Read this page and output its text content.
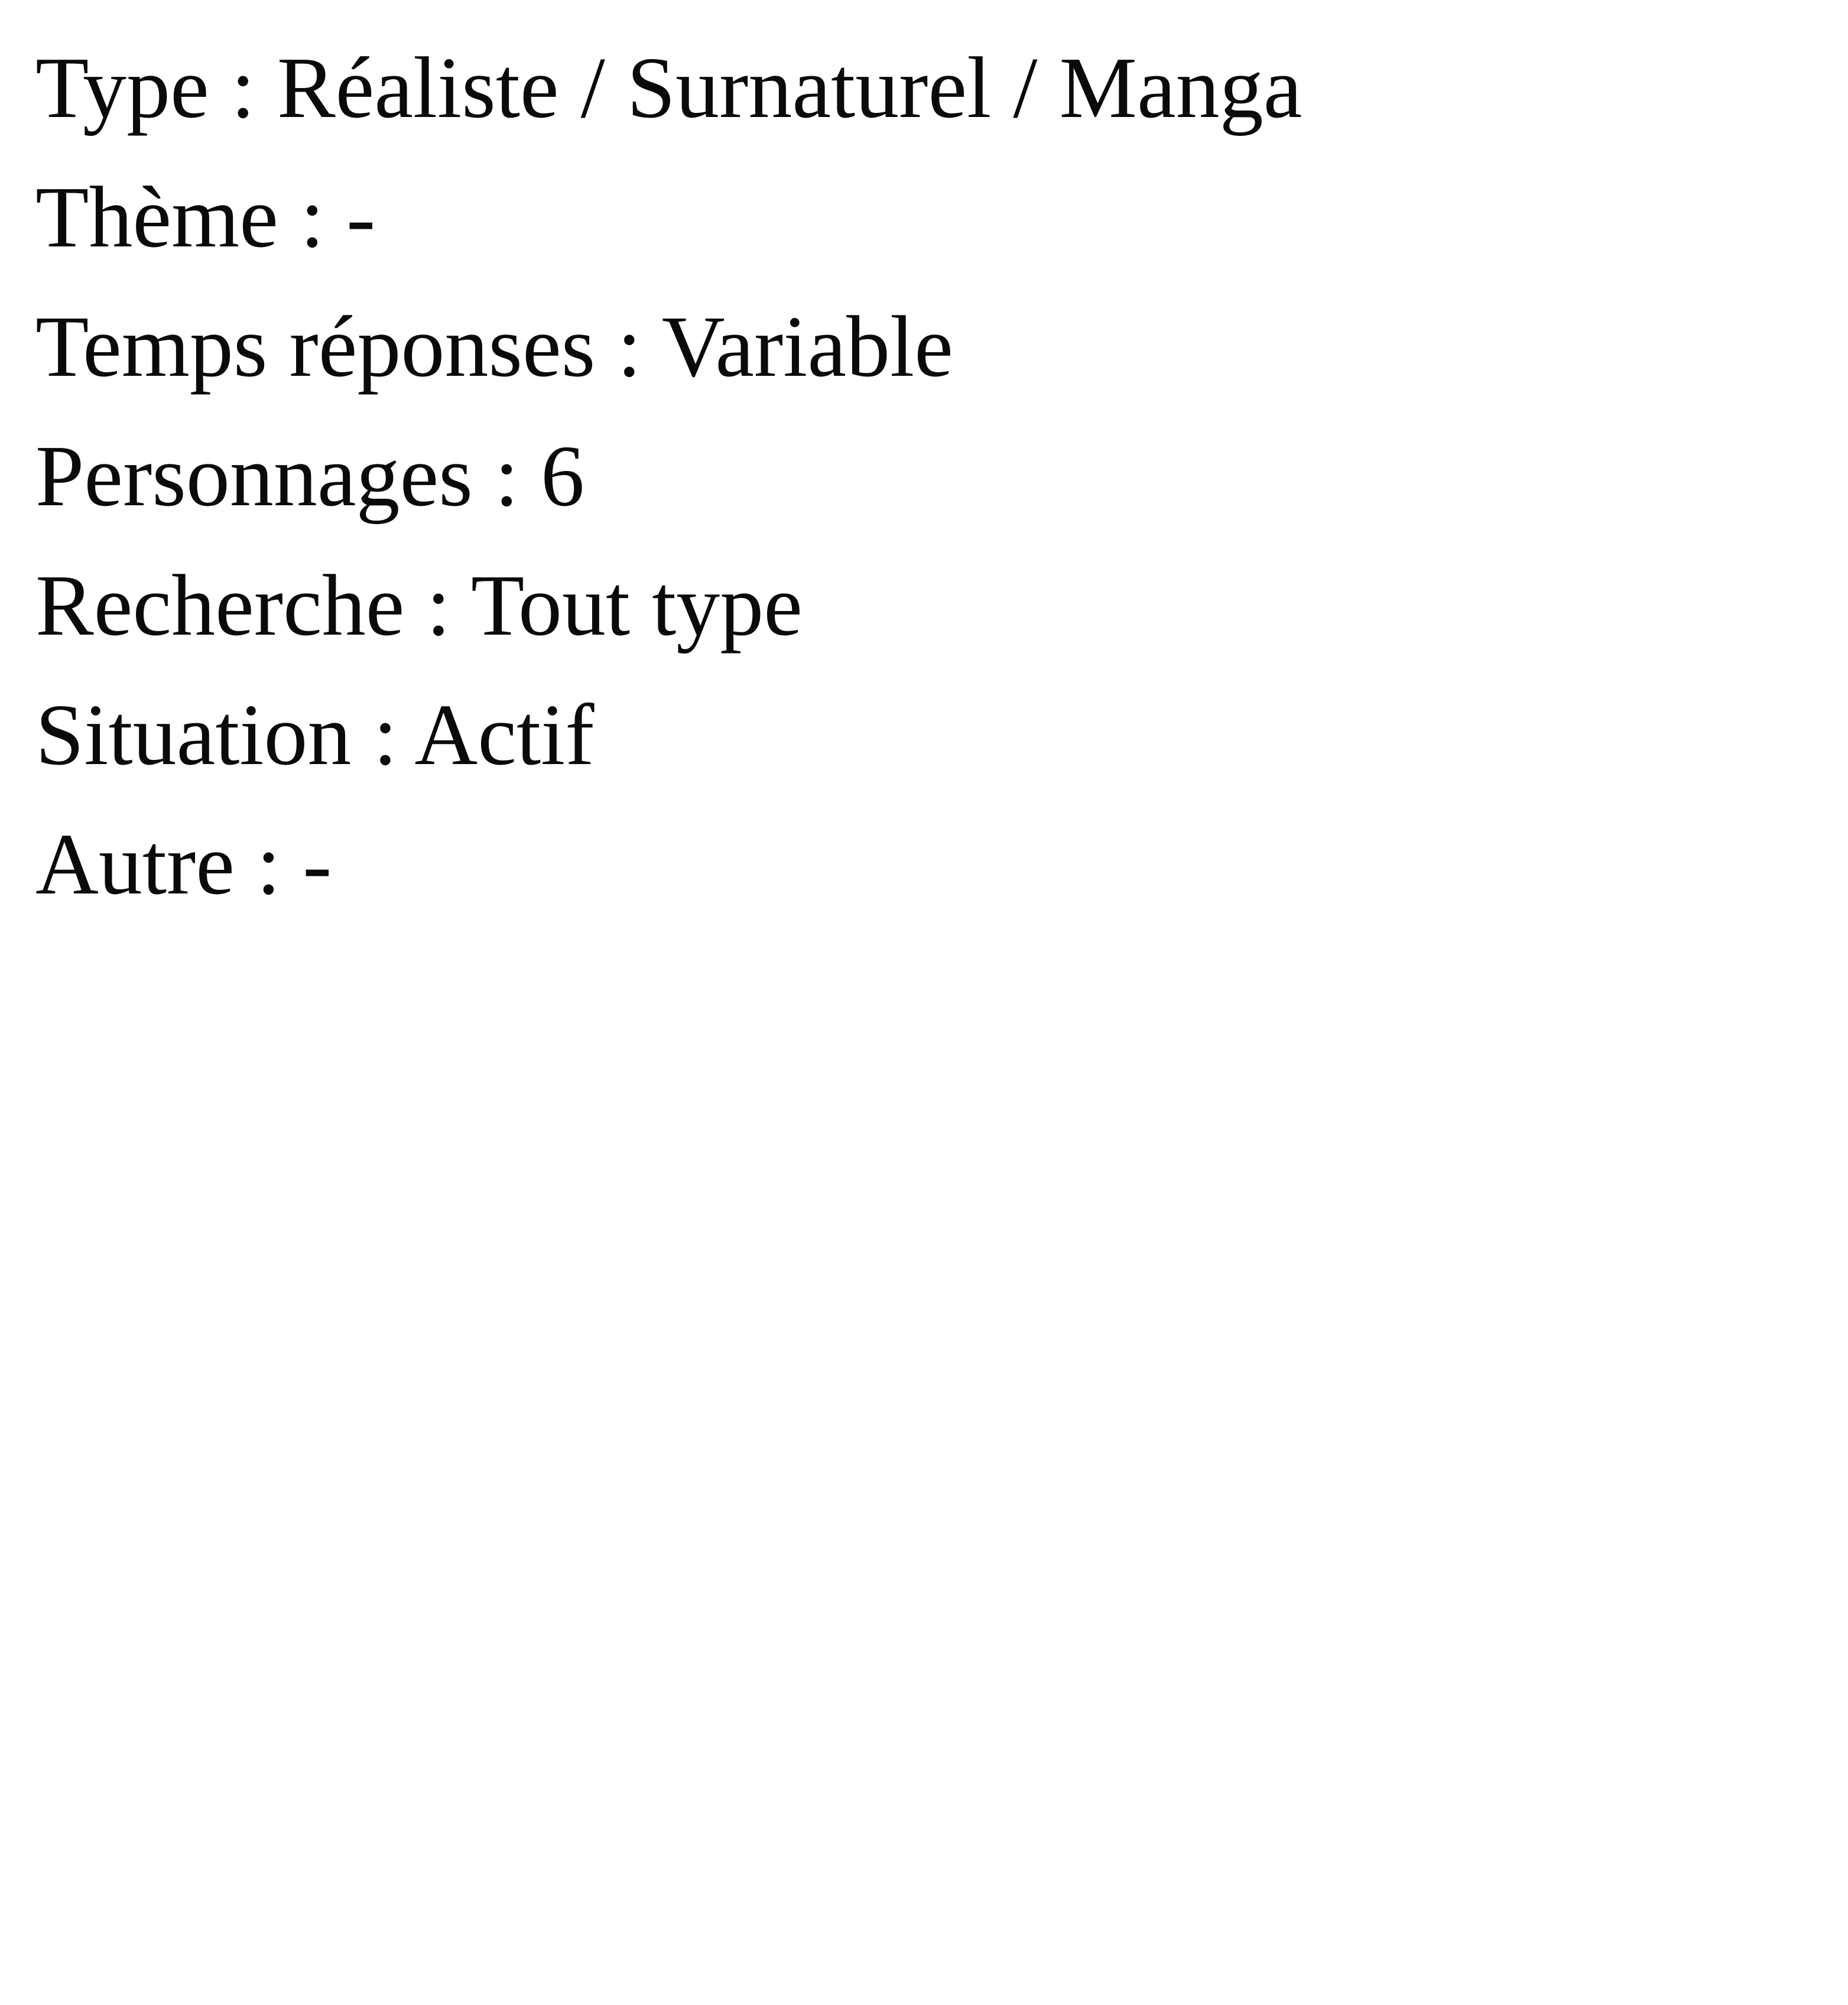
Type : Réaliste / Surnaturel / Manga
Thème : -
Temps réponses : Variable
Personnages : 6
Recherche : Tout type
Situation : Actif
Autre : -
